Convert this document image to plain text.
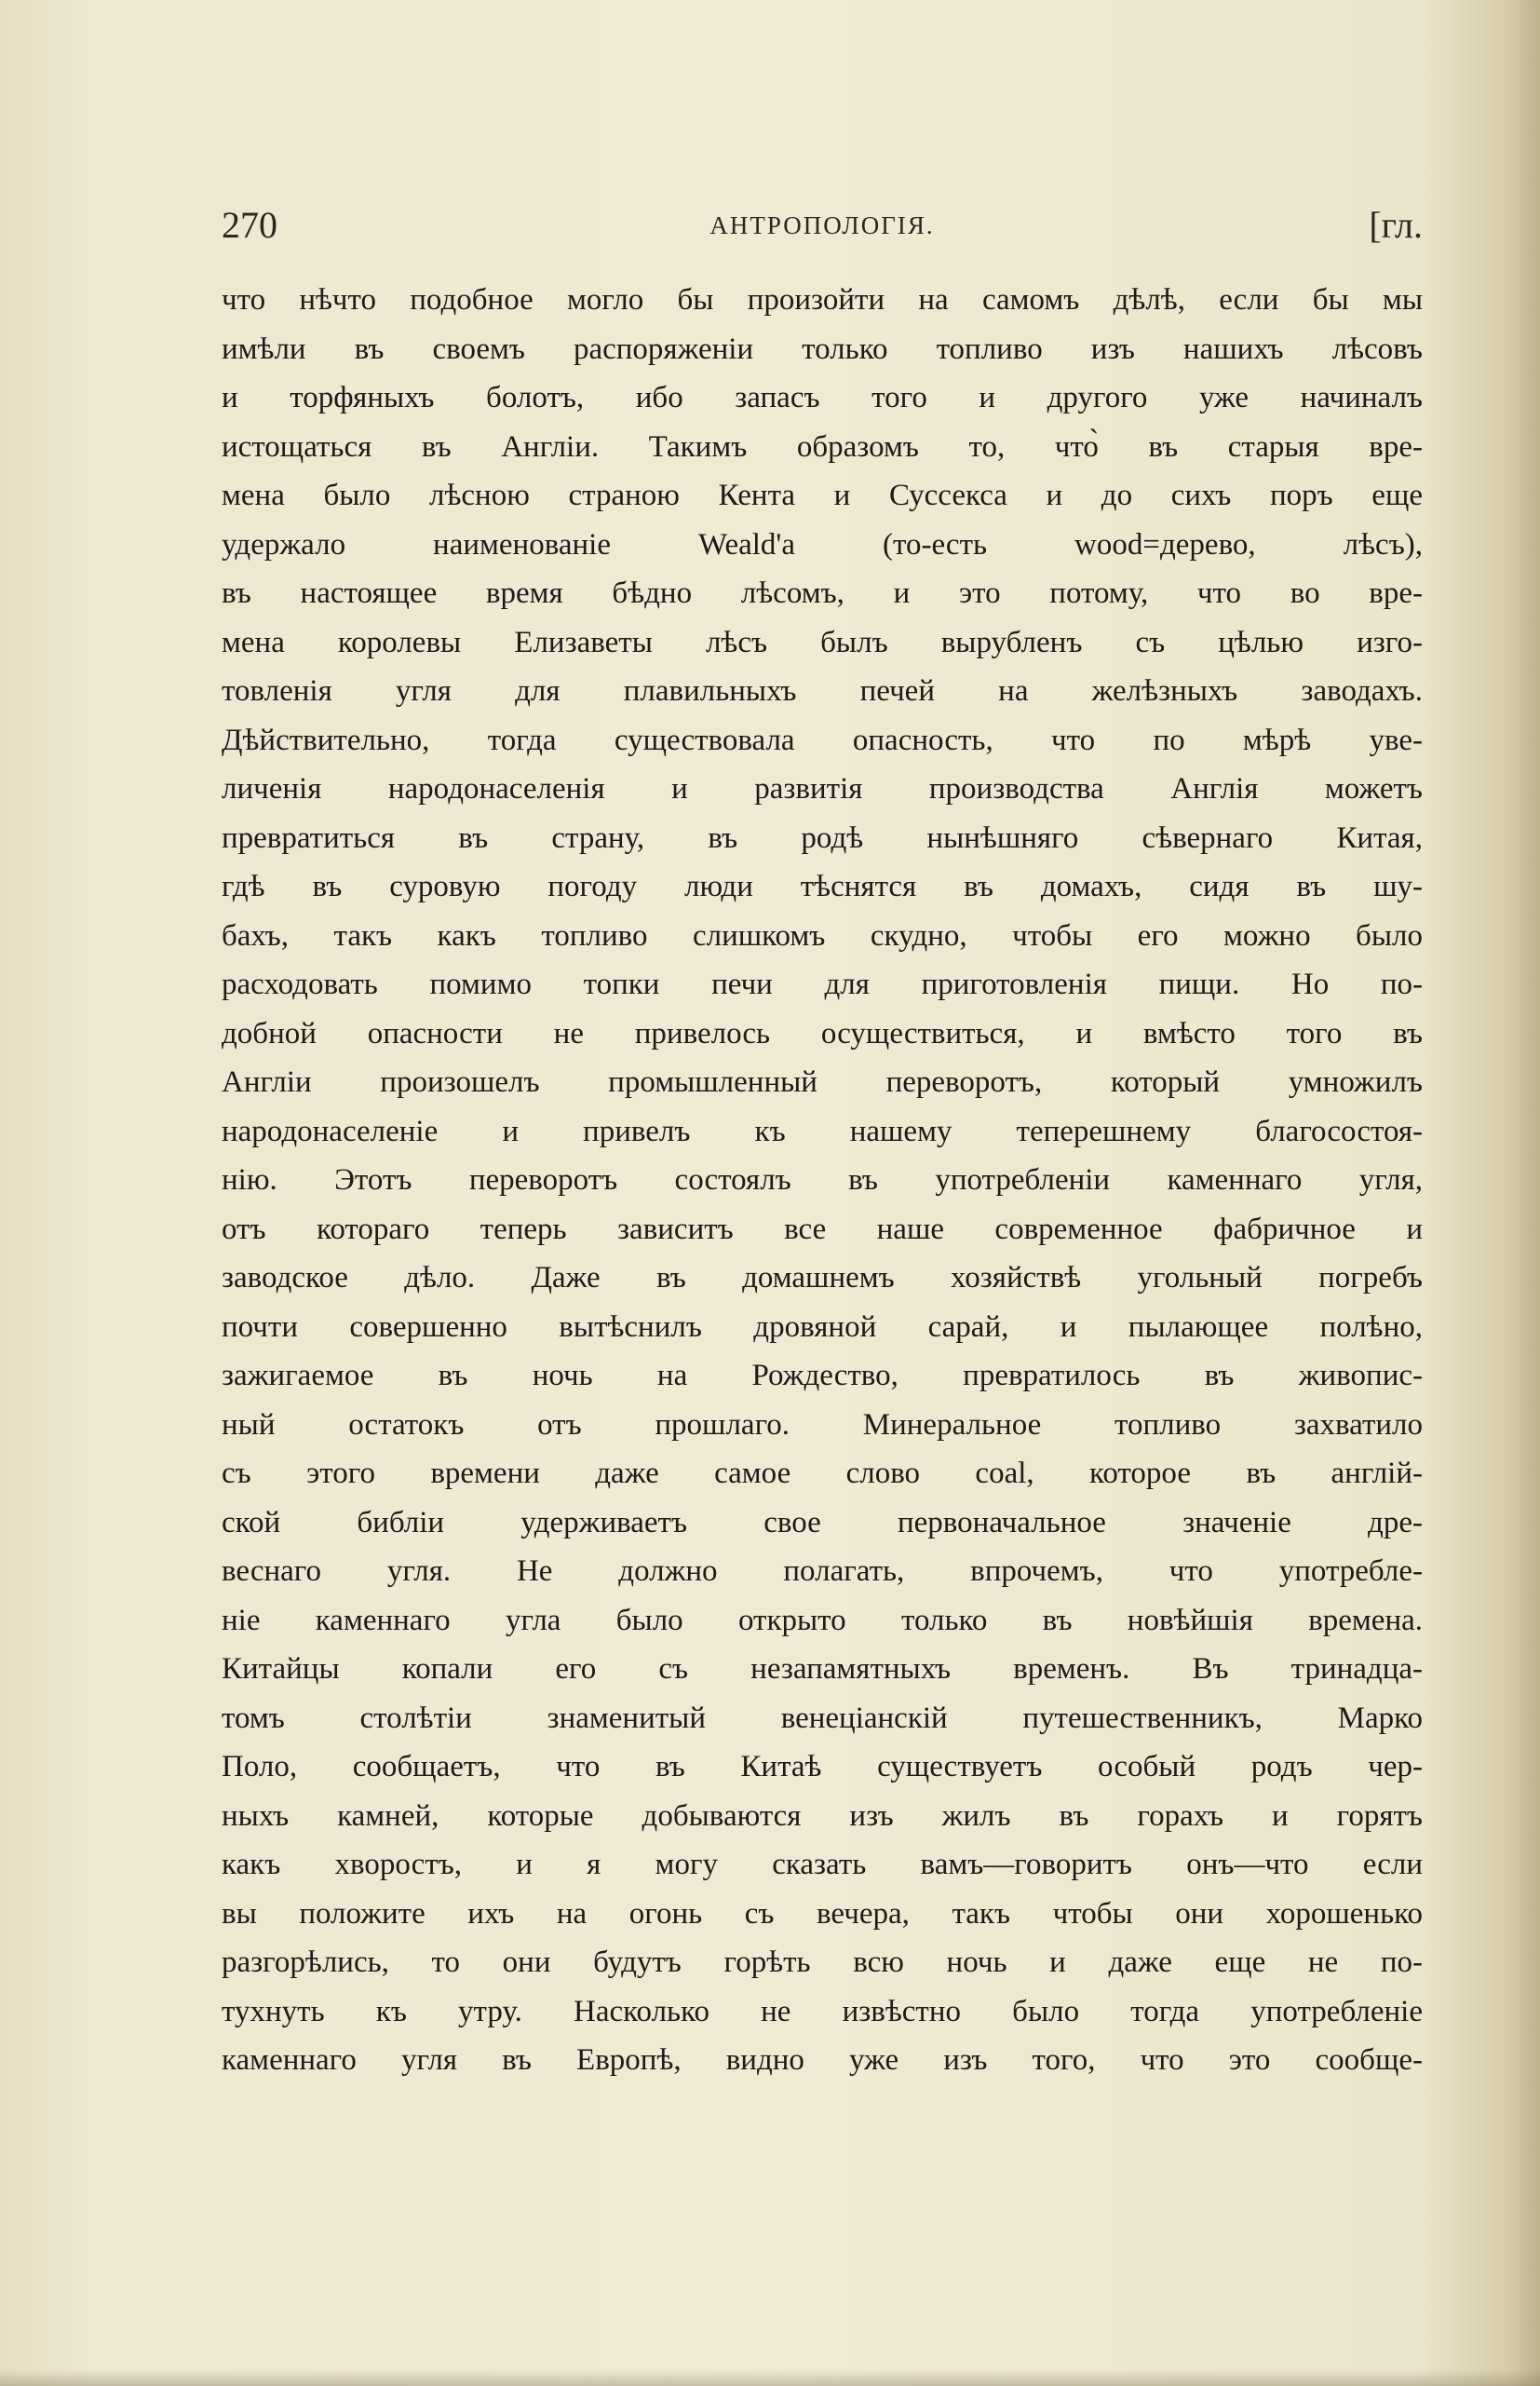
270	АНТРОПОЛОГІЯ.	[гл.
что нѣчто подобное могло бы произойти на самомъ дѣлѣ, если бы мы
имѣли въ своемъ распоряженіи только топливо изъ нашихъ лѣсовъ
и торфяныхъ болотъ, ибо запасъ того и другого уже начиналъ
истощаться въ Англіи. Такимъ образомъ то, что̀ въ старыя вре-
мена было лѣсною страною Кента и Суссекса и до сихъ поръ еще
удержало наименованіе Weald'а (то-есть wood=дерево, лѣсъ),
въ настоящее время бѣдно лѣсомъ, и это потому, что во вре-
мена королевы Елизаветы лѣсъ былъ вырубленъ съ цѣлью изго-
товленія угля для плавильныхъ печей на желѣзныхъ заводахъ.
Дѣйствительно, тогда существовала опасность, что по мѣрѣ уве-
личенія народонаселенія и развитія производства Англія можетъ
превратиться въ страну, въ родѣ нынѣшняго сѣвернаго Китая,
гдѣ въ суровую погоду люди тѣснятся въ домахъ, сидя въ шу-
бахъ, такъ какъ топливо слишкомъ скудно, чтобы его можно было
расходовать помимо топки печи для приготовленія пищи. Но по-
добной опасности не привелось осуществиться, и вмѣсто того въ
Англіи произошелъ промышленный переворотъ, который умножилъ
народонаселеніе и привелъ къ нашему теперешнему благосостоя-
нію. Этотъ переворотъ состоялъ въ употребленіи каменнаго угля,
отъ котораго теперь зависитъ все наше современное фабричное и
заводское дѣло. Даже въ домашнемъ хозяйствѣ угольный погребъ
почти совершенно вытѣснилъ дровяной сарай, и пылающее полѣно,
зажигаемое въ ночь на Рождество, превратилось въ живопис-
ный остатокъ отъ прошлаго. Минеральное топливо захватило
съ этого времени даже самое слово coal, которое въ англій-
ской библіи удерживаетъ свое первоначальное значеніе дре-
веснаго угля. Не должно полагать, впрочемъ, что употребле-
ніе каменнаго угла было открыто только въ новѣйшія времена.
Китайцы копали его съ незапамятныхъ временъ. Въ тринадца-
томъ столѣтіи знаменитый венеціанскій путешественникъ, Марко
Поло, сообщаетъ, что въ Китаѣ существуетъ особый родъ чер-
ныхъ камней, которые добываются изъ жилъ въ горахъ и горятъ
какъ хворостъ, и я могу сказать вамъ—говоритъ онъ—что если
вы положите ихъ на огонь съ вечера, такъ чтобы они хорошенько
разгорѣлись, то они будутъ горѣть всю ночь и даже еще не по-
тухнуть къ утру. Насколько не извѣстно было тогда употребленіе
каменнаго угля въ Европѣ, видно уже изъ того, что это сообще-
